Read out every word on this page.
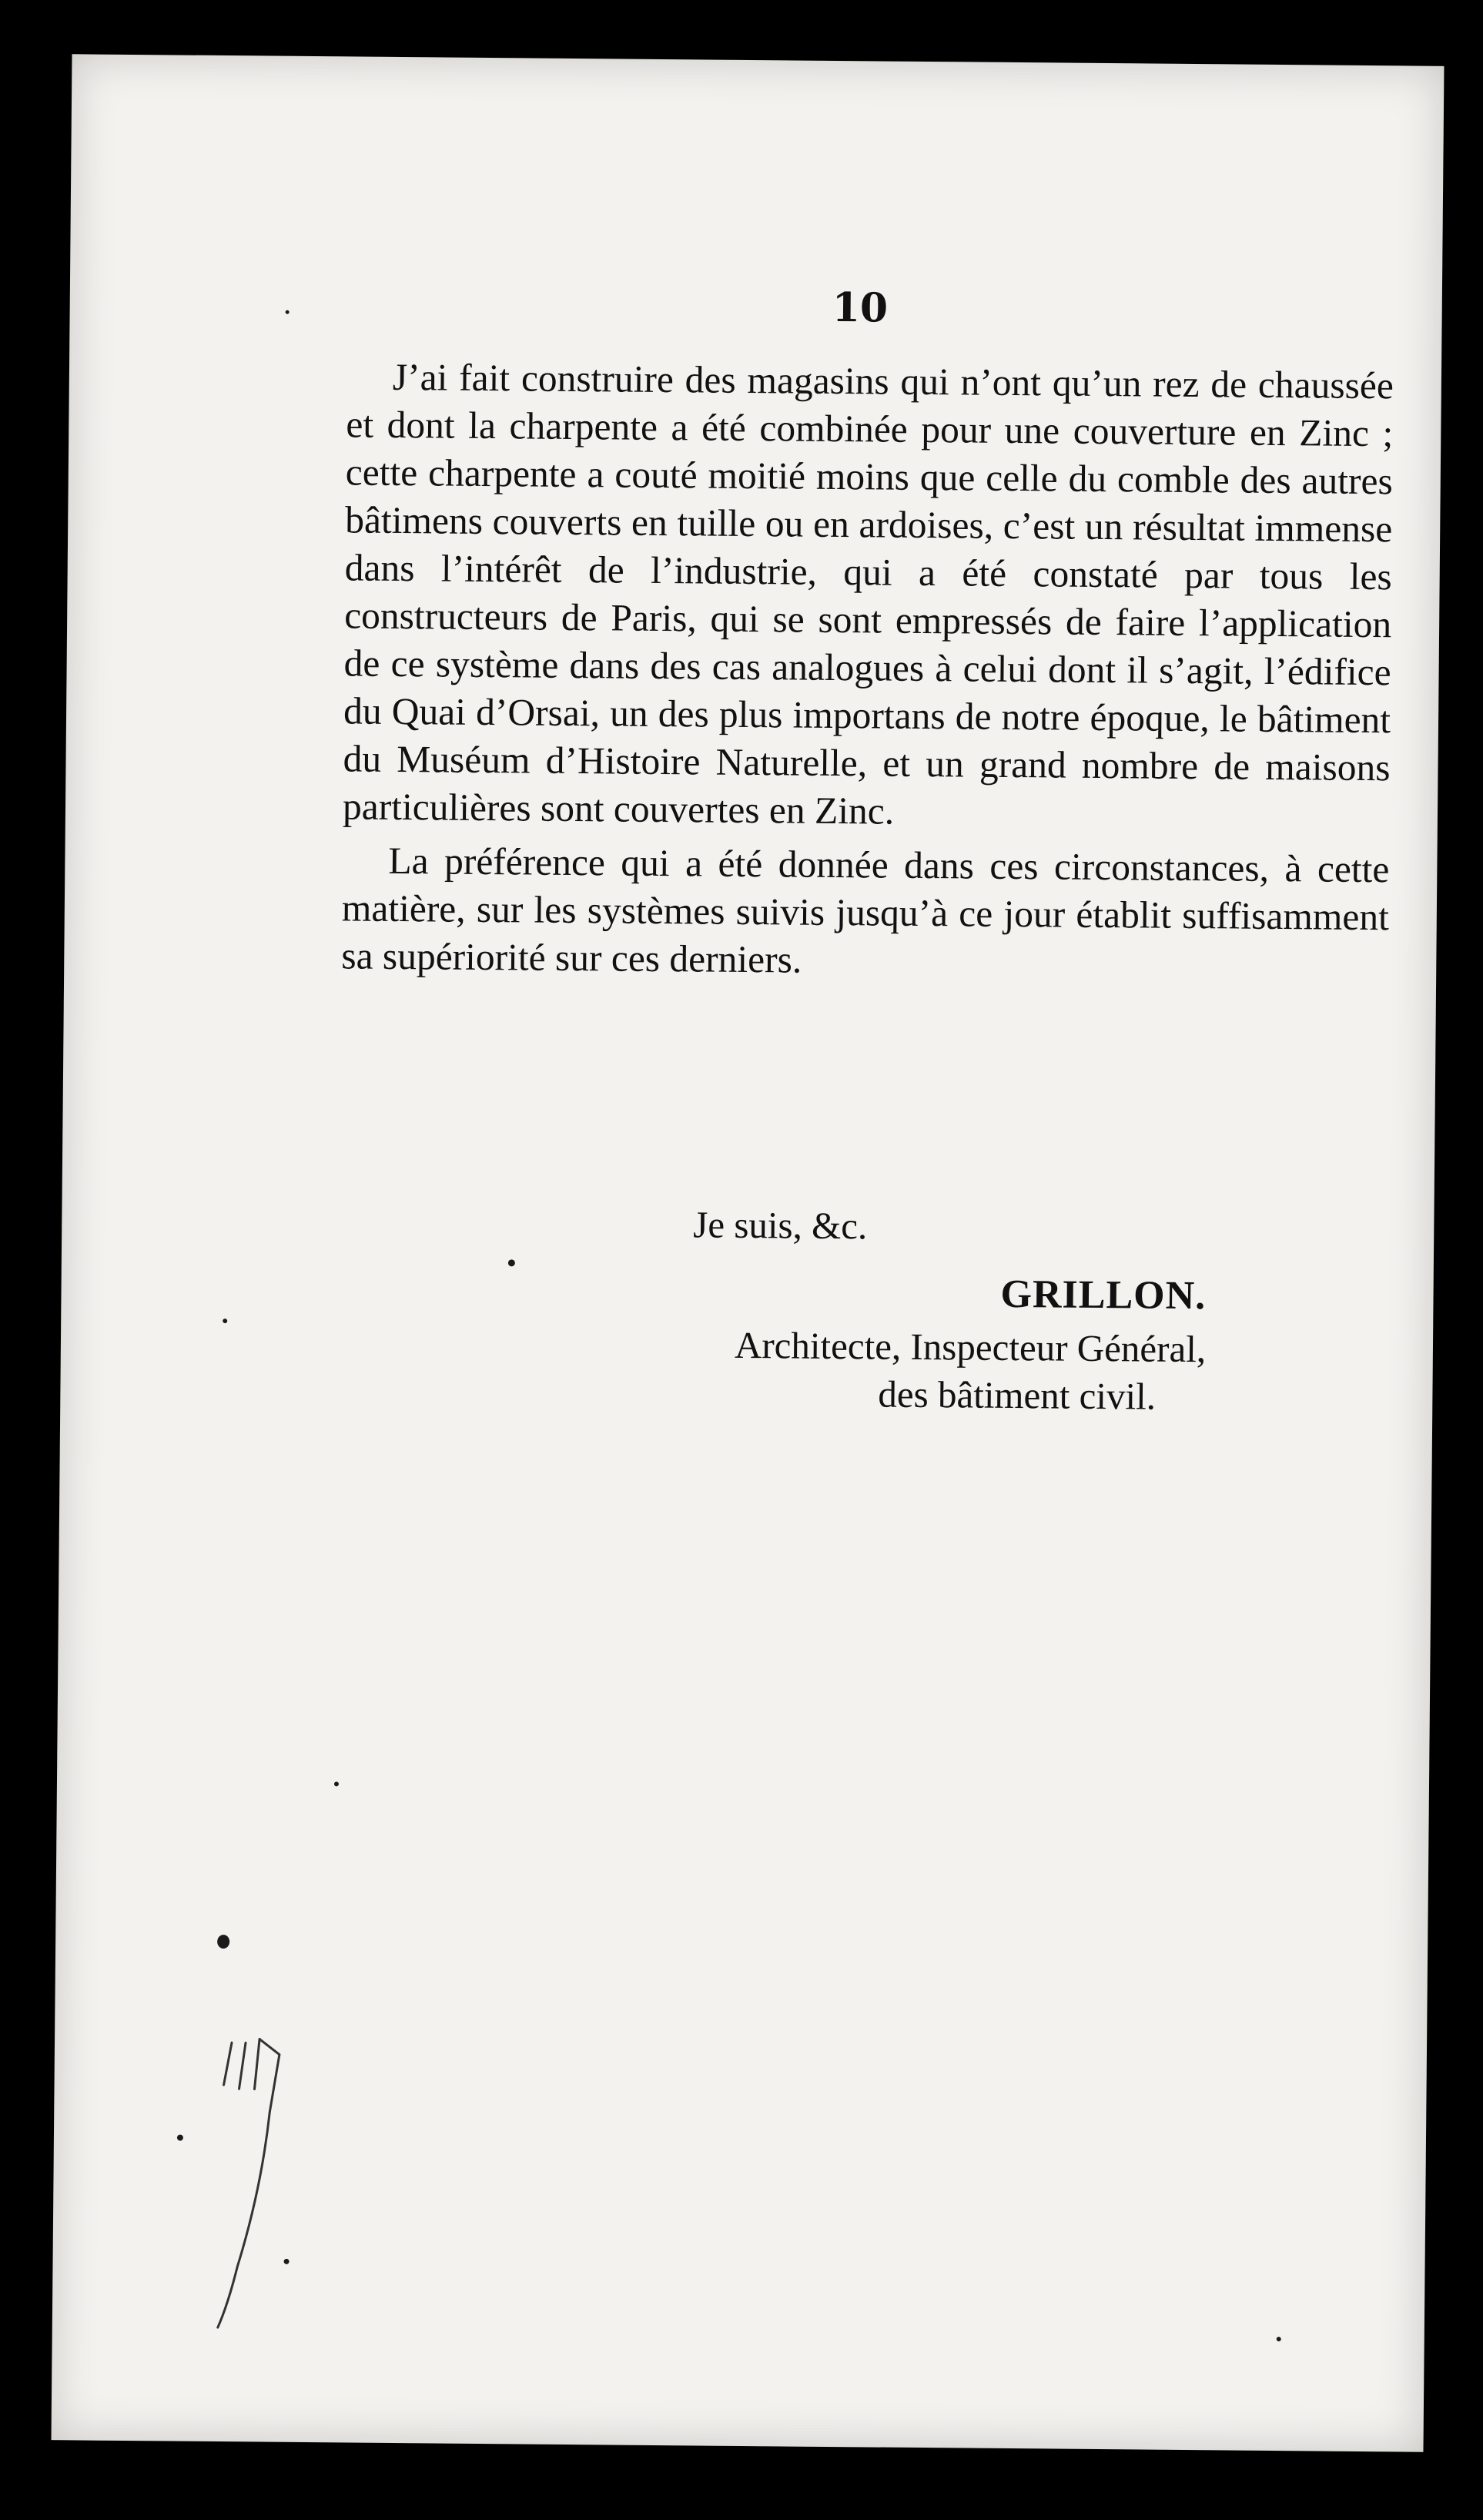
10

J’ai fait construire des magasins qui n’ont qu’un rez de chaussée et dont la charpente a été combinée pour une couverture en Zinc ; cette charpente a couté moitié moins que celle du comble des autres bâtimens couverts en tuille ou en ardoises, c’est un résultat immense dans l’intérêt de l’industrie, qui a été constaté par tous les constructeurs de Paris, qui se sont empressés de faire l’application de ce système dans des cas analogues à celui dont il s’agit, l’édifice du Quai d’Orsai, un des plus importans de notre époque, le bâtiment du Muséum d’Histoire Naturelle, et un grand nombre de maisons particulières sont couvertes en Zinc.

La préférence qui a été donnée dans ces circonstances, à cette matière, sur les systèmes suivis jusqu’à ce jour établit suffisamment sa supériorité sur ces derniers.

Je suis, &c.
GRILLON.
Architecte, Inspecteur Général,
des bâtiment civil.
